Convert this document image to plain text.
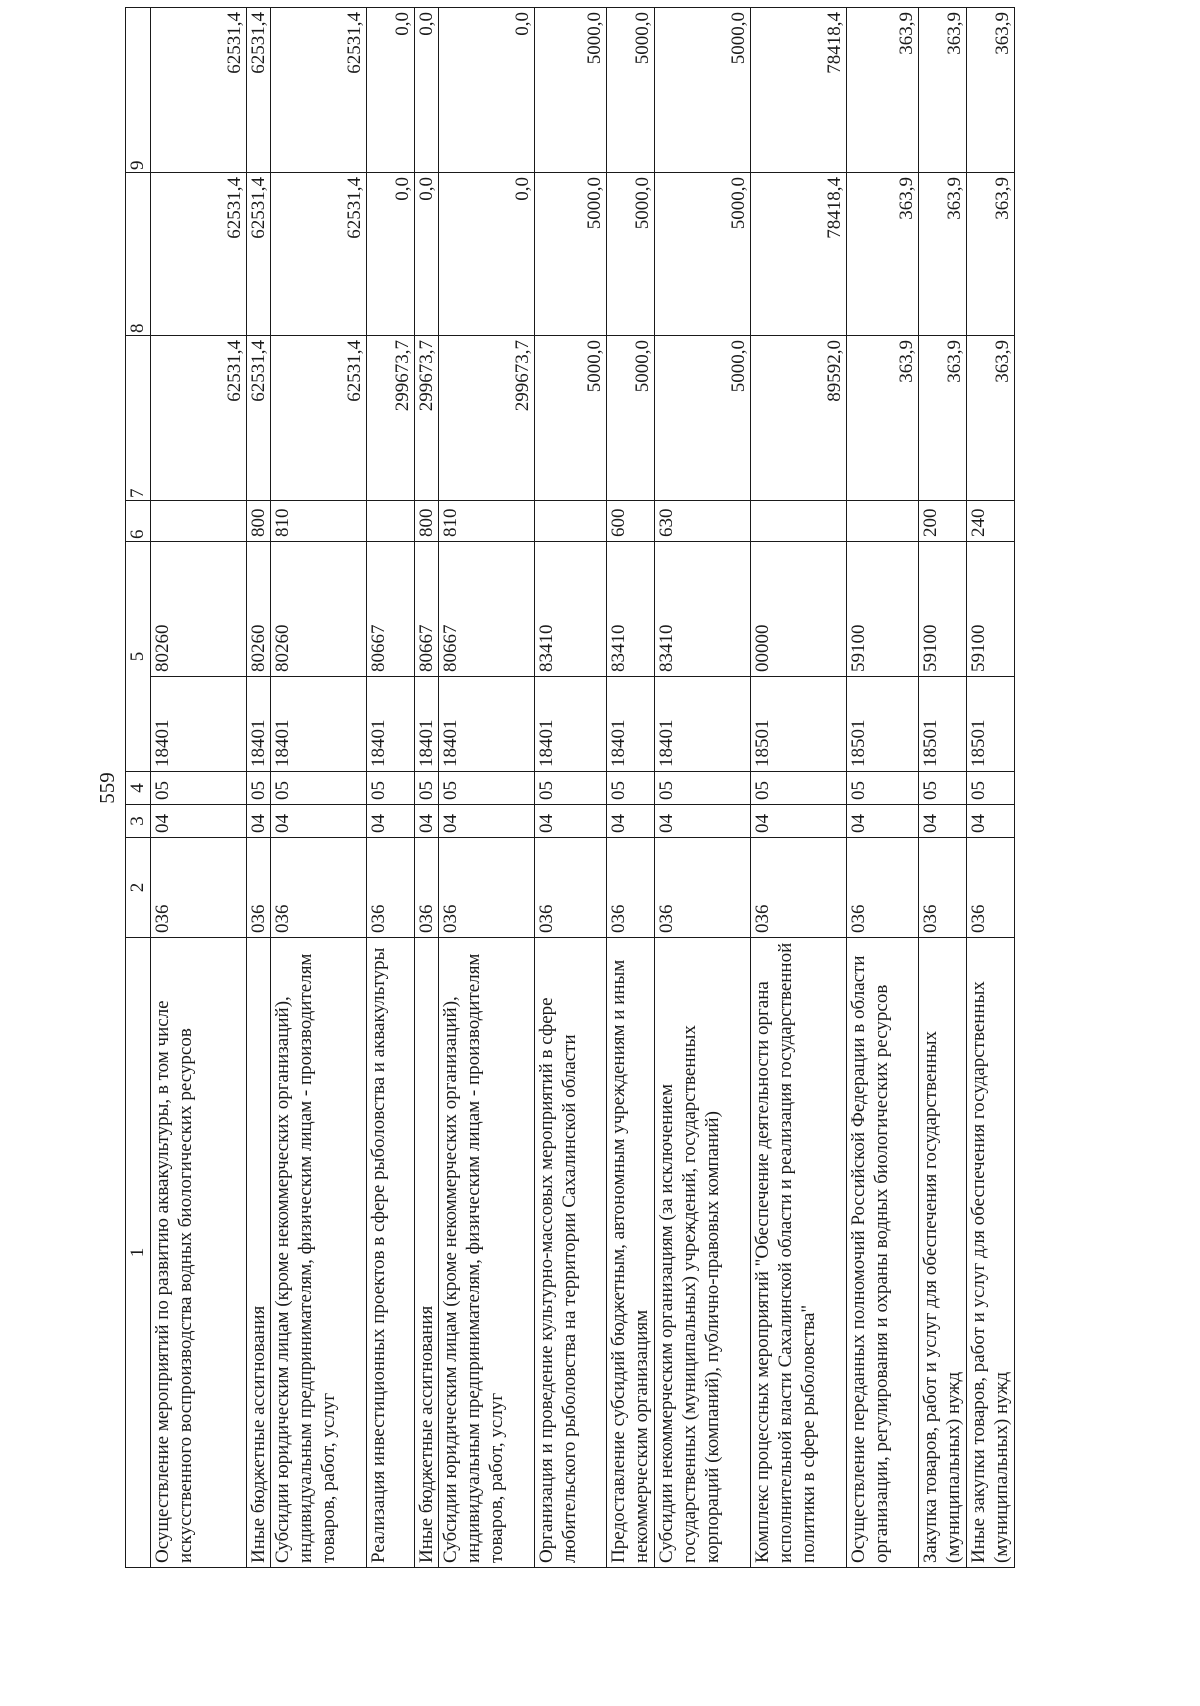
559
1	2	3	4	5		6	7	8	9
Осуществление мероприятий по развитию аквакультуры, в том числе искусственного воспроизводства водных биологических ресурсов	036	04	05	18401	80260		62531,4	62531,4	62531,4
Иные бюджетные ассигнования	036	04	05	18401	80260	800	62531,4	62531,4	62531,4
Субсидии юридическим лицам (кроме некоммерческих организаций), индивидуальным предпринимателям, физическим лицам - производителям товаров, работ, услуг	036	04	05	18401	80260	810	62531,4	62531,4	62531,4
Реализация инвестиционных проектов в сфере рыболовства и аквакультуры	036	04	05	18401	80667		299673,7	0,0	0,0
Иные бюджетные ассигнования	036	04	05	18401	80667	800	299673,7	0,0	0,0
Субсидии юридическим лицам (кроме некоммерческих организаций), индивидуальным предпринимателям, физическим лицам - производителям товаров, работ, услуг	036	04	05	18401	80667	810	299673,7	0,0	0,0
Организация и проведение культурно-массовых мероприятий в сфере любительского рыболовства на территории Сахалинской области	036	04	05	18401	83410		5000,0	5000,0	5000,0
Предоставление субсидий бюджетным, автономным учреждениям и иным некоммерческим организациям	036	04	05	18401	83410	600	5000,0	5000,0	5000,0
Субсидии некоммерческим организациям (за исключением государственных (муниципальных) учреждений, государственных корпораций (компаний), публично-правовых компаний)	036	04	05	18401	83410	630	5000,0	5000,0	5000,0
Комплекс процессных мероприятий "Обеспечение деятельности органа исполнительной власти Сахалинской области и реализация государственной политики в сфере рыболовства"	036	04	05	18501	00000		89592,0	78418,4	78418,4
Осуществление переданных полномочий Российской Федерации в области организации, регулирования и охраны водных биологических ресурсов	036	04	05	18501	59100		363,9	363,9	363,9
Закупка товаров, работ и услуг для обеспечения государственных (муниципальных) нужд	036	04	05	18501	59100	200	363,9	363,9	363,9
Иные закупки товаров, работ и услуг для обеспечения государственных (муниципальных) нужд	036	04	05	18501	59100	240	363,9	363,9	363,9
